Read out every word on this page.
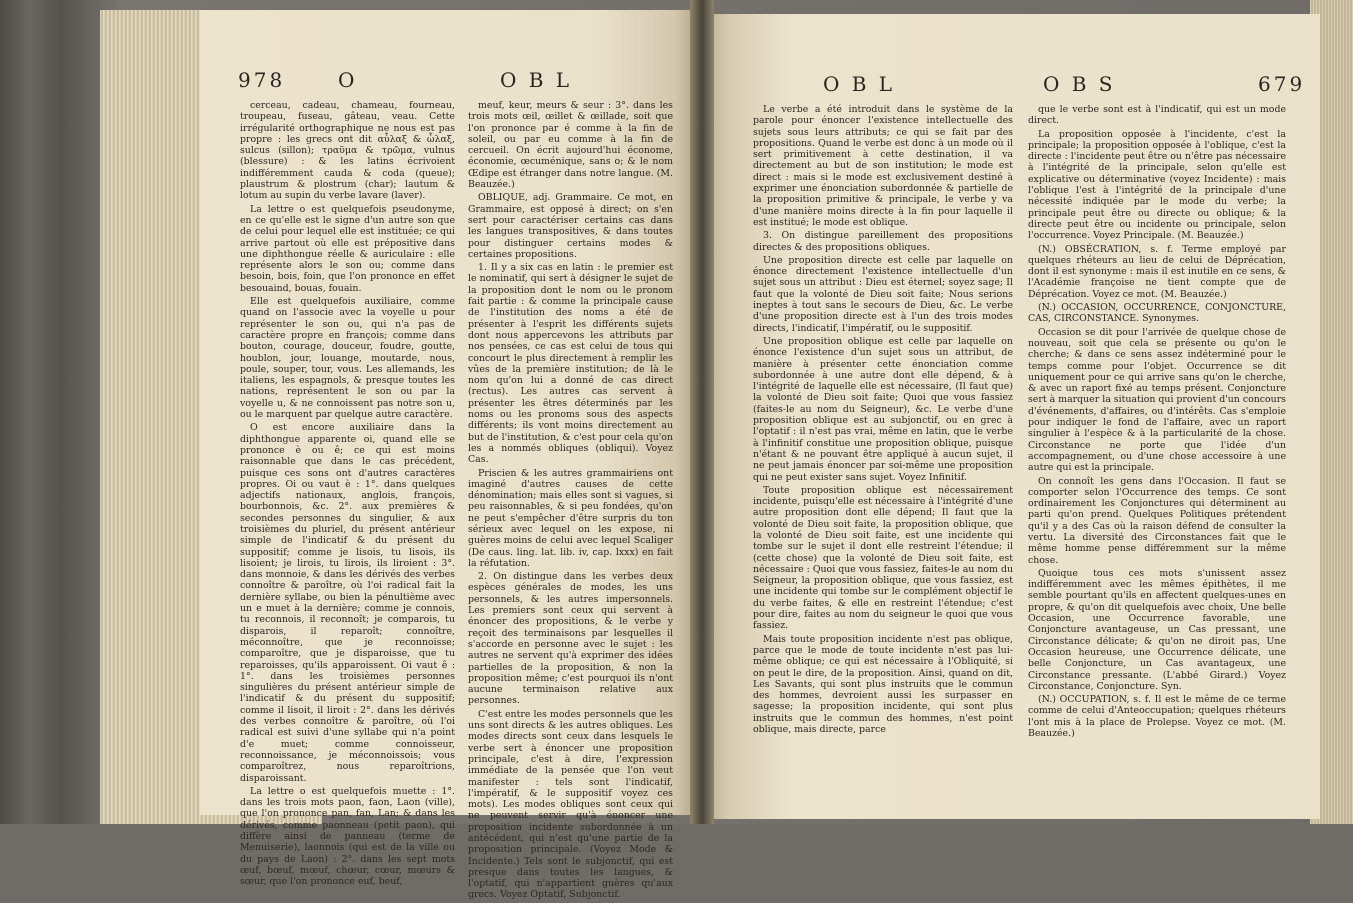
978	O	O B L

cerceau, cadeau, chameau, fourneau, troupeau, fuseau, gâteau, veau. Cette irrégularité orthographique ne nous est pas propre : les grecs ont dit αὖλαξ & ὦλαξ, sulcus (sillon); τραῦμα & τρῶμα, vulnus (blessure) : & les latins écrivoient indifféremment cauda & coda (queue); plaustrum & plostrum (char); lautum & lotum au supin du verbe lavare (laver).

La lettre o est quelquefois pseudonyme, en ce qu'elle est le signe d'un autre son que de celui pour lequel elle est instituée; ce qui arrive partout où elle est prépositive dans une diphthongue réelle & auriculaire : elle représente alors le son ou; comme dans besoin, bois, foin, que l'on prononce en effet besouaind, bouas, fouain.

Elle est quelquefois auxiliaire, comme quand on l'associe avec la voyelle u pour représenter le son ou, qui n'a pas de caractère propre en françois; comme dans bouton, courage, douceur, foudre, goutte, houblon, jour, louange, moutarde, nous, poule, souper, tour, vous. Les allemands, les italiens, les espagnols, & presque toutes les nations, représentent le son ou par la voyelle u, & ne connoissent pas notre son u, ou le marquent par quelque autre caractère.

O est encore auxiliaire dans la diphthongue apparente oi, quand elle se prononce è ou ê; ce qui est moins raisonnable que dans le cas précédent, puisque ces sons ont d'autres caractères propres. Oi ou vaut è : 1°. dans quelques adjectifs nationaux, anglois, françois, bourbonnois, &c. 2°. aux premières & secondes personnes du singulier, & aux troisièmes du pluriel, du présent antérieur simple de l'indicatif & du présent du suppositif; comme je lisois, tu lisois, ils lisoient; je lirois, tu lirois, ils liroient : 3°. dans monnoie, & dans les dérivés des verbes connoître & paroître, où l'oi radical fait la dernière syllabe, ou bien la pénultième avec un e muet à la dernière; comme je connois, tu reconnois, il reconnoît; je comparois, tu disparois, il reparoît; connoître, méconnoître, que je reconnoisse; comparoître, que je disparoisse, que tu reparoisses, qu'ils apparoissent. Oi vaut ê : 1°. dans les troisièmes personnes singulières du présent antérieur simple de l'indicatif & du présent du suppositif; comme il lisoit, il liroit : 2°. dans les dérivés des verbes connoître & paroître, où l'oi radical est suivi d'une syllabe qui n'a point d'e muet; comme connoisseur, reconnoissance, je méconnoissois; vous comparoîtrez, nous reparoîtrions, disparoissant.

La lettre o est quelquefois muette : 1°. dans les trois mots paon, faon, Laon (ville), que l'on prononce pan, fan, Lan; & dans les dérivés, comme paonneau (petit paon), qui diffère ainsi de panneau (terme de Menuiserie), laonnois (qui est de la ville ou du pays de Laon) : 2°. dans les sept mots œuf, bœuf, mœuf, chœur, cœur, mœurs & sœur, que l'on prononce euf, beuf,

meuf, keur, meurs & seur : 3°. dans les trois mots œil, œillet & œillade, soit que l'on prononce par é comme à la fin de soleil, ou par eu comme à la fin de cercueil. On écrit aujourd'hui économe, économie, œcuménique, sans o; & le nom Œdipe est étranger dans notre langue. (M. Beauzée.)

OBLIQUE, adj. Grammaire. Ce mot, en Grammaire, est opposé à direct; on s'en sert pour caractériser certains cas dans les langues transpositives, & dans toutes pour distinguer certains modes & certaines propositions.

1. Il y a six cas en latin : le premier est le nominatif, qui sert à désigner le sujet de la proposition dont le nom ou le pronom fait partie : & comme la principale cause de l'institution des noms a été de présenter à l'esprit les différents sujets dont nous appercevons les attributs par nos pensées, ce cas est celui de tous qui concourt le plus directement à remplir les vûes de la première institution; de là le nom qu'on lui a donné de cas direct (rectus). Les autres cas servent à présenter les êtres déterminés par les noms ou les pronoms sous des aspects différents; ils vont moins directement au but de l'institution, & c'est pour cela qu'on les a nommés obliques (obliqui). Voyez Cas.

Priscien & les autres grammairiens ont imaginé d'autres causes de cette dénomination; mais elles sont si vagues, si peu raisonnables, & si peu fondées, qu'on ne peut s'empêcher d'être surpris du ton sérieux avec lequel on les expose, ni guères moins de celui avec lequel Scaliger (De caus. ling. lat. lib. iv, cap. lxxx) en fait la réfutation.

2. On distingue dans les verbes deux espèces générales de modes, les uns personnels, & les autres impersonnels. Les premiers sont ceux qui servent à énoncer des propositions, & le verbe y reçoit des terminaisons par lesquelles il s'accorde en personne avec le sujet : les autres ne servent qu'à exprimer des idées partielles de la proposition, & non la proposition même; c'est pourquoi ils n'ont aucune terminaison relative aux personnes.

C'est entre les modes personnels que les uns sont directs & les autres obliques. Les modes directs sont ceux dans lesquels le verbe sert à énoncer une proposition principale, c'est à dire, l'expression immédiate de la pensée que l'on veut manifester : tels sont l'indicatif, l'impératif, & le suppositif voyez ces mots). Les modes obliques sont ceux qui ne peuvent servir qu'à énoncer une proposition incidente subordonnée à un antécédent, qui n'est qu'une partie de la proposition principale. (Voyez Mode & Incidente.) Tels sont le subjonctif, qui est presque dans toutes les langues, & l'optatif, qui n'appartient guères qu'aux grecs. Voyez Optatif, Subjonctif.

O B L	O B S	679

Le verbe a été introduit dans le système de la parole pour énoncer l'existence intellectuelle des sujets sous leurs attributs; ce qui se fait par des propositions. Quand le verbe est donc à un mode où il sert primitivement à cette destination, il va directement au but de son institution; le mode est direct : mais si le mode est exclusivement destiné à exprimer une énonciation subordonnée & partielle de la proposition primitive & principale, le verbe y va d'une manière moins directe à la fin pour laquelle il est institué; le mode est oblique.

3. On distingue pareillement des propositions directes & des propositions obliques.

Une proposition directe est celle par laquelle on énonce directement l'existence intellectuelle d'un sujet sous un attribut : Dieu est éternel; soyez sage; Il faut que la volonté de Dieu soit faite; Nous serions ineptes à tout sans le secours de Dieu, &c. Le verbe d'une proposition directe est à l'un des trois modes directs, l'indicatif, l'impératif, ou le suppositif.

Une proposition oblique est celle par laquelle on énonce l'existence d'un sujet sous un attribut, de manière à présenter cette énonciation comme subordonnée à une autre dont elle dépend, & à l'intégrité de laquelle elle est nécessaire, (Il faut que) la volonté de Dieu soit faite; Quoi que vous fassiez (faites-le au nom du Seigneur), &c. Le verbe d'une proposition oblique est au subjonctif, ou en grec à l'optatif : il n'est pas vrai, même en latin, que le verbe à l'infinitif constitue une proposition oblique, puisque n'étant & ne pouvant être appliqué à aucun sujet, il ne peut jamais énoncer par soi-même une proposition qui ne peut exister sans sujet. Voyez Infinitif.

Toute proposition oblique est nécessairement incidente, puisqu'elle est nécessaire à l'intégrité d'une autre proposition dont elle dépend; Il faut que la volonté de Dieu soit faite, la proposition oblique, que la volonté de Dieu soit faite, est une incidente qui tombe sur le sujet il dont elle restreint l'étendue; il (cette chose) que la volonté de Dieu soit faite, est nécessaire : Quoi que vous fassiez, faites-le au nom du Seigneur, la proposition oblique, que vous fassiez, est une incidente qui tombe sur le complément objectif le du verbe faites, & elle en restreint l'étendue; c'est pour dire, faites au nom du seigneur le quoi que vous fassiez.

Mais toute proposition incidente n'est pas oblique, parce que le mode de toute incidente n'est pas lui-même oblique; ce qui est nécessaire à l'Obliquité, si on peut le dire, de la proposition. Ainsi, quand on dit, Les Savants, qui sont plus instruits que le commun des hommes, devroient aussi les surpasser en sagesse; la proposition incidente, qui sont plus instruits que le commun des hommes, n'est point oblique, mais directe, parce

que le verbe sont est à l'indicatif, qui est un mode direct.

La proposition opposée à l'incidente, c'est la principale; la proposition opposée à l'oblique, c'est la directe : l'incidente peut être ou n'être pas nécessaire à l'intégrité de la principale, selon qu'elle est explicative ou déterminative (voyez Incidente) : mais l'oblique l'est à l'intégrité de la principale d'une nécessité indiquée par le mode du verbe; la principale peut être ou directe ou oblique; & la directe peut être ou incidente ou principale, selon l'occurrence. Voyez Principale. (M. Beauzée.)

(N.) OBSÉCRATION, s. f. Terme employé par quelques rhéteurs au lieu de celui de Déprécation, dont il est synonyme : mais il est inutile en ce sens, & l'Académie françoise ne tient compte que de Déprécation. Voyez ce mot. (M. Beauzée.)

(N.) OCCASION, OCCURRENCE, CONJONCTURE, CAS, CIRCONSTANCE. Synonymes.

Occasion se dit pour l'arrivée de quelque chose de nouveau, soit que cela se présente ou qu'on le cherche; & dans ce sens assez indéterminé pour le temps comme pour l'objet. Occurrence se dit uniquement pour ce qui arrive sans qu'on le cherche, & avec un raport fixé au temps présent. Conjoncture sert à marquer la situation qui provient d'un concours d'événements, d'affaires, ou d'intérêts. Cas s'emploie pour indiquer le fond de l'affaire, avec un raport singulier à l'espèce & à la particularité de la chose. Circonstance ne porte que l'idée d'un accompagnement, ou d'une chose accessoire à une autre qui est la principale.

On connoît les gens dans l'Occasion. Il faut se comporter selon l'Occurrence des temps. Ce sont ordinairement les Conjonctures qui déterminent au parti qu'on prend. Quelques Politiques prétendent qu'il y a des Cas où la raison défend de consulter la vertu. La diversité des Circonstances fait que le même homme pense différemment sur la même chose.

Quoique tous ces mots s'unissent assez indifféremment avec les mêmes épithètes, il me semble pourtant qu'ils en affectent quelques-unes en propre, & qu'on dit quelquefois avec choix, Une belle Occasion, une Occurrence favorable, une Conjoncture avantageuse, un Cas pressant, une Circonstance délicate; & qu'on ne diroit pas, Une Occasion heureuse, une Occurrence délicate, une belle Conjoncture, un Cas avantageux, une Circonstance pressante. (L'abbé Girard.) Voyez Circonstance, Conjoncture. Syn.

(N.) OCCUPATION, s. f. Il est le même de ce terme comme de celui d'Anteoccupation; quelques rhéteurs l'ont mis à la place de Prolepse. Voyez ce mot. (M. Beauzée.)
